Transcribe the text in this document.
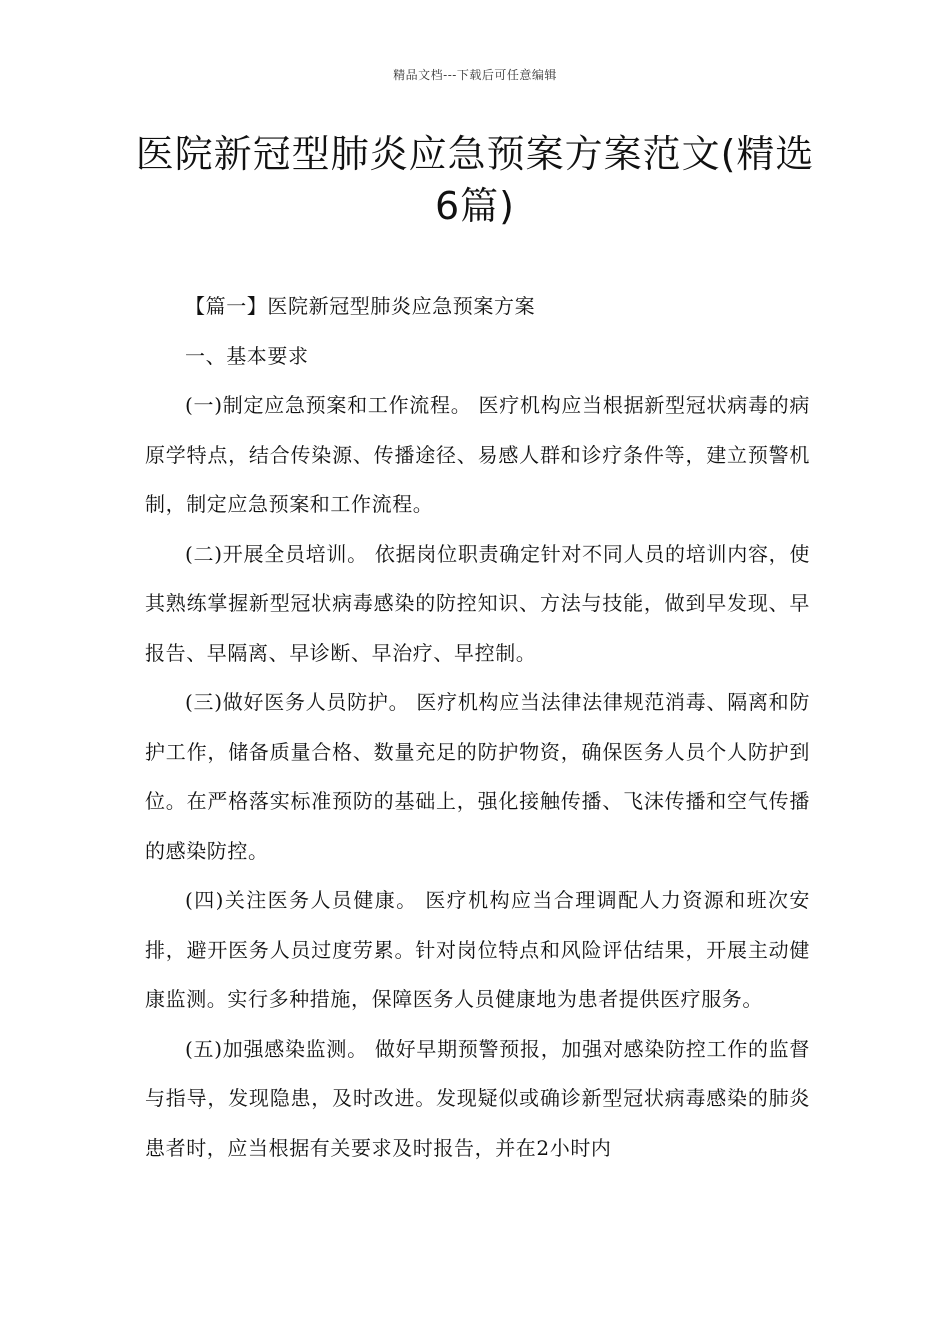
精品文档---下载后可任意编辑
医院新冠型肺炎应急预案方案范文(精选6篇)

【篇一】医院新冠型肺炎应急预案方案

一、基本要求

(一)制定应急预案和工作流程。 医疗机构应当根据新型冠状病毒的病原学特点，结合传染源、传播途径、易感人群和诊疗条件等，建立预警机制，制定应急预案和工作流程。

(二)开展全员培训。 依据岗位职责确定针对不同人员的培训内容，使其熟练掌握新型冠状病毒感染的防控知识、方法与技能，做到早发现、早报告、早隔离、早诊断、早治疗、早控制。

(三)做好医务人员防护。 医疗机构应当法律法律规范消毒、隔离和防护工作，储备质量合格、数量充足的防护物资，确保医务人员个人防护到位。在严格落实标准预防的基础上，强化接触传播、飞沫传播和空气传播的感染防控。

(四)关注医务人员健康。 医疗机构应当合理调配人力资源和班次安排，避开医务人员过度劳累。针对岗位特点和风险评估结果，开展主动健康监测。实行多种措施，保障医务人员健康地为患者提供医疗服务。

(五)加强感染监测。 做好早期预警预报，加强对感染防控工作的监督与指导，发现隐患，及时改进。发现疑似或确诊新型冠状病毒感染的肺炎患者时，应当根据有关要求及时报告，并在2小时内
